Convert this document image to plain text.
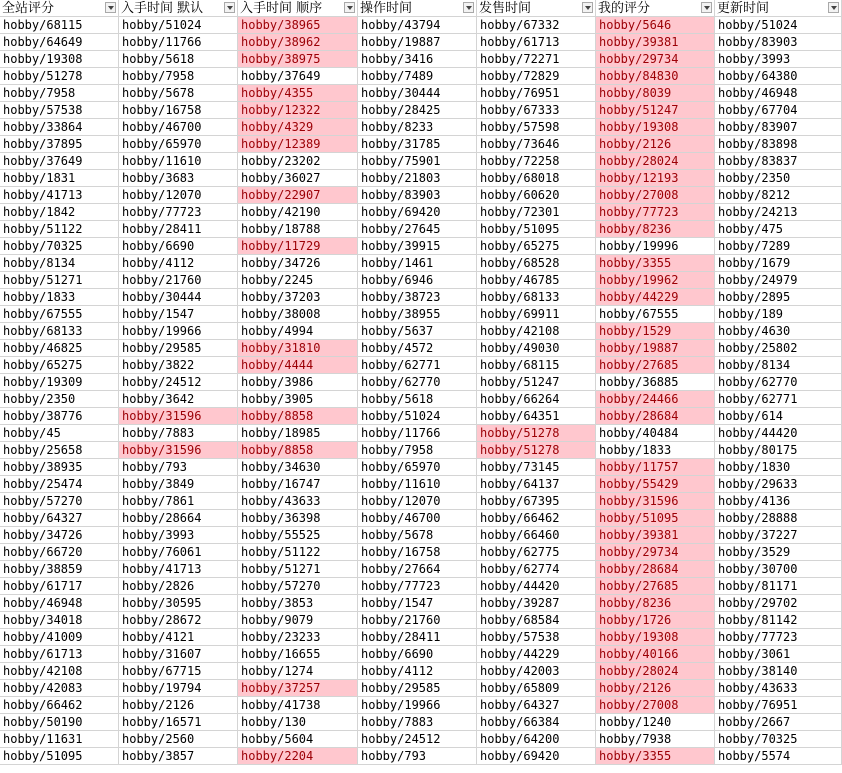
全站评分	入手时间 默认	入手时间 顺序	操作时间	发售时间	我的评分	更新时间
hobby/68115	hobby/51024	hobby/38965	hobby/43794	hobby/67332	hobby/5646	hobby/51024
hobby/64649	hobby/11766	hobby/38962	hobby/19887	hobby/61713	hobby/39381	hobby/83903
hobby/19308	hobby/5618	hobby/38975	hobby/3416	hobby/72271	hobby/29734	hobby/3993
hobby/51278	hobby/7958	hobby/37649	hobby/7489	hobby/72829	hobby/84830	hobby/64380
hobby/7958	hobby/5678	hobby/4355	hobby/30444	hobby/76951	hobby/8039	hobby/46948
hobby/57538	hobby/16758	hobby/12322	hobby/28425	hobby/67333	hobby/51247	hobby/67704
hobby/33864	hobby/46700	hobby/4329	hobby/8233	hobby/57598	hobby/19308	hobby/83907
hobby/37895	hobby/65970	hobby/12389	hobby/31785	hobby/73646	hobby/2126	hobby/83898
hobby/37649	hobby/11610	hobby/23202	hobby/75901	hobby/72258	hobby/28024	hobby/83837
hobby/1831	hobby/3683	hobby/36027	hobby/21803	hobby/68018	hobby/12193	hobby/2350
hobby/41713	hobby/12070	hobby/22907	hobby/83903	hobby/60620	hobby/27008	hobby/8212
hobby/1842	hobby/77723	hobby/42190	hobby/69420	hobby/72301	hobby/77723	hobby/24213
hobby/51122	hobby/28411	hobby/18788	hobby/27645	hobby/51095	hobby/8236	hobby/475
hobby/70325	hobby/6690	hobby/11729	hobby/39915	hobby/65275	hobby/19996	hobby/7289
hobby/8134	hobby/4112	hobby/34726	hobby/1461	hobby/68528	hobby/3355	hobby/1679
hobby/51271	hobby/21760	hobby/2245	hobby/6946	hobby/46785	hobby/19962	hobby/24979
hobby/1833	hobby/30444	hobby/37203	hobby/38723	hobby/68133	hobby/44229	hobby/2895
hobby/67555	hobby/1547	hobby/38008	hobby/38955	hobby/69911	hobby/67555	hobby/189
hobby/68133	hobby/19966	hobby/4994	hobby/5637	hobby/42108	hobby/1529	hobby/4630
hobby/46825	hobby/29585	hobby/31810	hobby/4572	hobby/49030	hobby/19887	hobby/25802
hobby/65275	hobby/3822	hobby/4444	hobby/62771	hobby/68115	hobby/27685	hobby/8134
hobby/19309	hobby/24512	hobby/3986	hobby/62770	hobby/51247	hobby/36885	hobby/62770
hobby/2350	hobby/3642	hobby/3905	hobby/5618	hobby/66264	hobby/24466	hobby/62771
hobby/38776	hobby/31596	hobby/8858	hobby/51024	hobby/64351	hobby/28684	hobby/614
hobby/45	hobby/7883	hobby/18985	hobby/11766	hobby/51278	hobby/40484	hobby/44420
hobby/25658	hobby/31596	hobby/8858	hobby/7958	hobby/51278	hobby/1833	hobby/80175
hobby/38935	hobby/793	hobby/34630	hobby/65970	hobby/73145	hobby/11757	hobby/1830
hobby/25474	hobby/3849	hobby/16747	hobby/11610	hobby/64137	hobby/55429	hobby/29633
hobby/57270	hobby/7861	hobby/43633	hobby/12070	hobby/67395	hobby/31596	hobby/4136
hobby/64327	hobby/28664	hobby/36398	hobby/46700	hobby/66462	hobby/51095	hobby/28888
hobby/34726	hobby/3993	hobby/55525	hobby/5678	hobby/66460	hobby/39381	hobby/37227
hobby/66720	hobby/76061	hobby/51122	hobby/16758	hobby/62775	hobby/29734	hobby/3529
hobby/38859	hobby/41713	hobby/51271	hobby/27664	hobby/62774	hobby/28684	hobby/30700
hobby/61717	hobby/2826	hobby/57270	hobby/77723	hobby/44420	hobby/27685	hobby/81171
hobby/46948	hobby/30595	hobby/3853	hobby/1547	hobby/39287	hobby/8236	hobby/29702
hobby/34018	hobby/28672	hobby/9079	hobby/21760	hobby/68584	hobby/1726	hobby/81142
hobby/41009	hobby/4121	hobby/23233	hobby/28411	hobby/57538	hobby/19308	hobby/77723
hobby/61713	hobby/31607	hobby/16655	hobby/6690	hobby/44229	hobby/40166	hobby/3061
hobby/42108	hobby/67715	hobby/1274	hobby/4112	hobby/42003	hobby/28024	hobby/38140
hobby/42083	hobby/19794	hobby/37257	hobby/29585	hobby/65809	hobby/2126	hobby/43633
hobby/66462	hobby/2126	hobby/41738	hobby/19966	hobby/64327	hobby/27008	hobby/76951
hobby/50190	hobby/16571	hobby/130	hobby/7883	hobby/66384	hobby/1240	hobby/2667
hobby/11631	hobby/2560	hobby/5604	hobby/24512	hobby/64200	hobby/7938	hobby/70325
hobby/51095	hobby/3857	hobby/2204	hobby/793	hobby/69420	hobby/3355	hobby/5574
